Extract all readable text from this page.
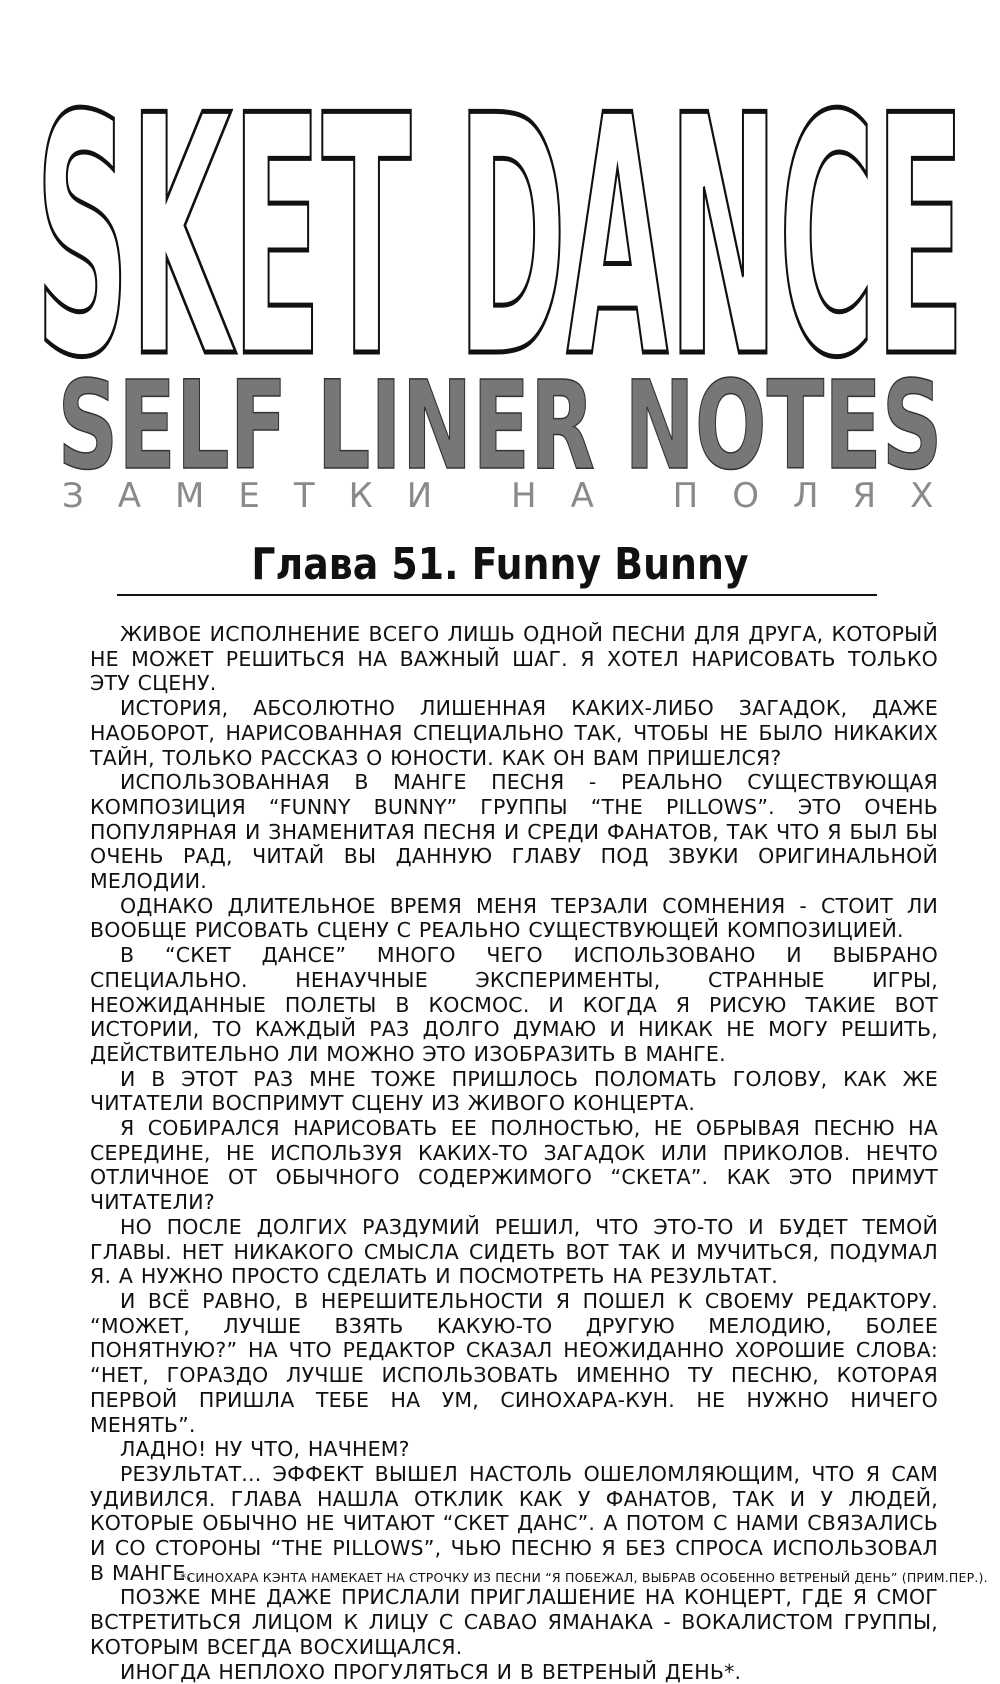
SKET DANCE
SELF LINER NOTES
ЗАМЕТКИ НА ПОЛЯХ
Глава 51. Funny Bunny

ЖИВОЕ ИСПОЛНЕНИЕ ВСЕГО ЛИШЬ ОДНОЙ ПЕСНИ ДЛЯ ДРУГА, КОТОРЫЙ НЕ МОЖЕТ РЕШИТЬСЯ НА ВАЖНЫЙ ШАГ. Я ХОТЕЛ НАРИСОВАТЬ ТОЛЬКО ЭТУ СЦЕНУ.

ИСТОРИЯ, АБСОЛЮТНО ЛИШЕННАЯ КАКИХ-ЛИБО ЗАГАДОК, ДАЖЕ НАОБОРОТ, НАРИСОВАННАЯ СПЕЦИАЛЬНО ТАК, ЧТОБЫ НЕ БЫЛО НИКАКИХ ТАЙН, ТОЛЬКО РАССКАЗ О ЮНОСТИ. КАК ОН ВАМ ПРИШЕЛСЯ?

ИСПОЛЬЗОВАННАЯ В МАНГЕ ПЕСНЯ - РЕАЛЬНО СУЩЕСТВУЮЩАЯ КОМПОЗИЦИЯ “FUNNY BUNNY” ГРУППЫ “THE PILLOWS”. ЭТО ОЧЕНЬ ПОПУЛЯРНАЯ И ЗНАМЕНИТАЯ ПЕСНЯ И СРЕДИ ФАНАТОВ, ТАК ЧТО Я БЫЛ БЫ ОЧЕНЬ РАД, ЧИТАЙ ВЫ ДАННУЮ ГЛАВУ ПОД ЗВУКИ ОРИГИНАЛЬНОЙ МЕЛОДИИ.

ОДНАКО ДЛИТЕЛЬНОЕ ВРЕМЯ МЕНЯ ТЕРЗАЛИ СОМНЕНИЯ - СТОИТ ЛИ ВООБЩЕ РИСОВАТЬ СЦЕНУ С РЕАЛЬНО СУЩЕСТВУЮЩЕЙ КОМПОЗИЦИЕЙ.

В “СКЕТ ДАНСЕ” МНОГО ЧЕГО ИСПОЛЬЗОВАНО И ВЫБРАНО СПЕЦИАЛЬНО. НЕНАУЧНЫЕ ЭКСПЕРИМЕНТЫ, СТРАННЫЕ ИГРЫ, НЕОЖИДАННЫЕ ПОЛЕТЫ В КОСМОС. И КОГДА Я РИСУЮ ТАКИЕ ВОТ ИСТОРИИ, ТО КАЖДЫЙ РАЗ ДОЛГО ДУМАЮ И НИКАК НЕ МОГУ РЕШИТЬ, ДЕЙСТВИТЕЛЬНО ЛИ МОЖНО ЭТО ИЗОБРАЗИТЬ В МАНГЕ.

И В ЭТОТ РАЗ МНЕ ТОЖЕ ПРИШЛОСЬ ПОЛОМАТЬ ГОЛОВУ, КАК ЖЕ ЧИТАТЕЛИ ВОСПРИМУТ СЦЕНУ ИЗ ЖИВОГО КОНЦЕРТА.

Я СОБИРАЛСЯ НАРИСОВАТЬ ЕЕ ПОЛНОСТЬЮ, НЕ ОБРЫВАЯ ПЕСНЮ НА СЕРЕДИНЕ, НЕ ИСПОЛЬЗУЯ КАКИХ-ТО ЗАГАДОК ИЛИ ПРИКОЛОВ. НЕЧТО ОТЛИЧНОЕ ОТ ОБЫЧНОГО СОДЕРЖИМОГО “СКЕТА”. КАК ЭТО ПРИМУТ ЧИТАТЕЛИ?

НО ПОСЛЕ ДОЛГИХ РАЗДУМИЙ РЕШИЛ, ЧТО ЭТО-ТО И БУДЕТ ТЕМОЙ ГЛАВЫ. НЕТ НИКАКОГО СМЫСЛА СИДЕТЬ ВОТ ТАК И МУЧИТЬСЯ, ПОДУМАЛ Я. А НУЖНО ПРОСТО СДЕЛАТЬ И ПОСМОТРЕТЬ НА РЕЗУЛЬТАТ.

И ВСЁ РАВНО, В НЕРЕШИТЕЛЬНОСТИ Я ПОШЕЛ К СВОЕМУ РЕДАКТОРУ. “МОЖЕТ, ЛУЧШЕ ВЗЯТЬ КАКУЮ-ТО ДРУГУЮ МЕЛОДИЮ, БОЛЕЕ ПОНЯТНУЮ?” НА ЧТО РЕДАКТОР СКАЗАЛ НЕОЖИДАННО ХОРОШИЕ СЛОВА: “НЕТ, ГОРАЗДО ЛУЧШЕ ИСПОЛЬЗОВАТЬ ИМЕННО ТУ ПЕСНЮ, КОТОРАЯ ПЕРВОЙ ПРИШЛА ТЕБЕ НА УМ, СИНОХАРА-КУН. НЕ НУЖНО НИЧЕГО МЕНЯТЬ”.

ЛАДНО! НУ ЧТО, НАЧНЕМ?

РЕЗУЛЬТАТ... ЭФФЕКТ ВЫШЕЛ НАСТОЛЬ ОШЕЛОМЛЯЮЩИМ, ЧТО Я САМ УДИВИЛСЯ. ГЛАВА НАШЛА ОТКЛИК КАК У ФАНАТОВ, ТАК И У ЛЮДЕЙ, КОТОРЫЕ ОБЫЧНО НЕ ЧИТАЮТ “СКЕТ ДАНС”. А ПОТОМ С НАМИ СВЯЗАЛИСЬ И СО СТОРОНЫ “THE PILLOWS”, ЧЬЮ ПЕСНЮ Я БЕЗ СПРОСА ИСПОЛЬЗОВАЛ В МАНГЕ.

ПОЗЖЕ МНЕ ДАЖЕ ПРИСЛАЛИ ПРИГЛАШЕНИЕ НА КОНЦЕРТ, ГДЕ Я СМОГ ВСТРЕТИТЬСЯ ЛИЦОМ К ЛИЦУ С САВАО ЯМАНАКА - ВОКАЛИСТОМ ГРУППЫ, КОТОРЫМ ВСЕГДА ВОСХИЩАЛСЯ.

ИНОГДА НЕПЛОХО ПРОГУЛЯТЬСЯ И В ВЕТРЕНЫЙ ДЕНЬ*.

*СИНОХАРА КЭНТА НАМЕКАЕТ НА СТРОЧКУ ИЗ ПЕСНИ “Я ПОБЕЖАЛ, ВЫБРАВ ОСОБЕННО ВЕТРЕНЫЙ ДЕНЬ” (ПРИМ.ПЕР.).
